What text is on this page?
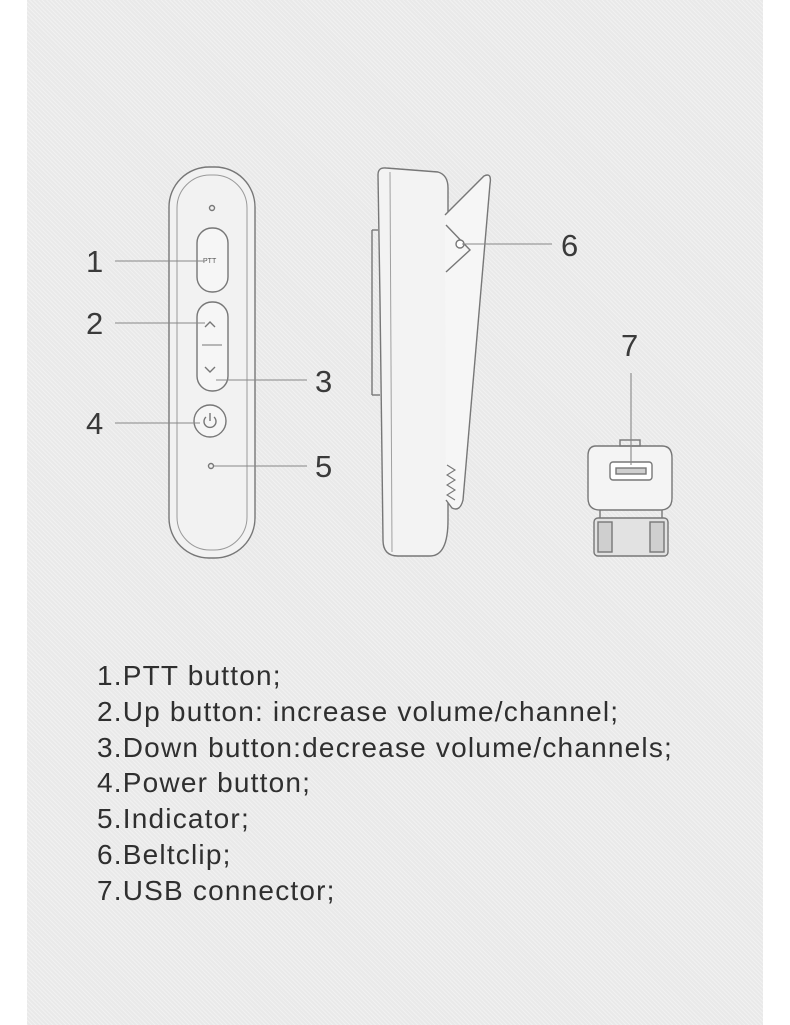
PTT
1
2
3
4
5
6
7
1.PTT button;
2.Up button: increase volume/channel;
3.Down button:decrease volume/channels;
4.Power button;
5.Indicator;
6.Beltclip;
7.USB connector;
